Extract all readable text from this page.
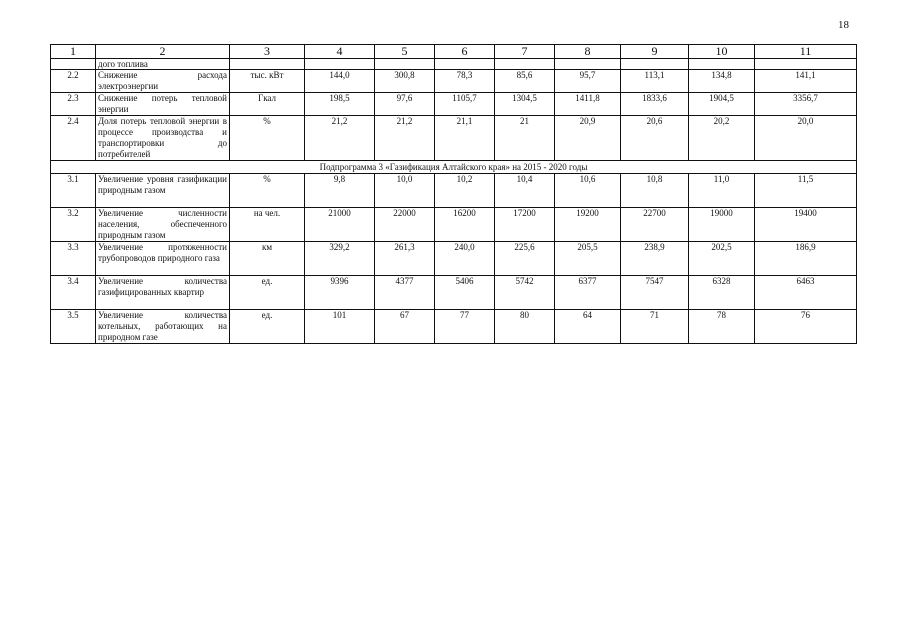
18
1	2	3	4	5	6	7	8	9	10	11
	дого топлива									
2.2	Снижение расхода электроэнергии	тыс. кВт	144,0	300,8	78,3	85,6	95,7	113,1	134,8	141,1
2.3	Снижение потерь тепловой энергии	Гкал	198,5	97,6	1105,7	1304,5	1411,8	1833,6	1904,5	3356,7
2.4	Доля потерь тепловой энергии в процессе производства и транспортировки до потребителей	%	21,2	21,2	21,1	21	20,9	20,6	20,2	20,0
Подпрограмма 3 «Газификация Алтайского края» на 2015 - 2020 годы										
3.1	Увеличение уровня газификации природным газом	%	9,8	10,0	10,2	10,4	10,6	10,8	11,0	11,5
3.2	Увеличение численности населения, обеспеченного природным газом	на чел.	21000	22000	16200	17200	19200	22700	19000	19400
3.3	Увеличение протяженности трубопроводов природного газа	км	329,2	261,3	240,0	225,6	205,5	238,9	202,5	186,9
3.4	Увеличение количества газифицированных квартир	ед.	9396	4377	5406	5742	6377	7547	6328	6463
3.5	Увеличение количества котельных, работающих на природном газе	ед.	101	67	77	80	64	71	78	76
